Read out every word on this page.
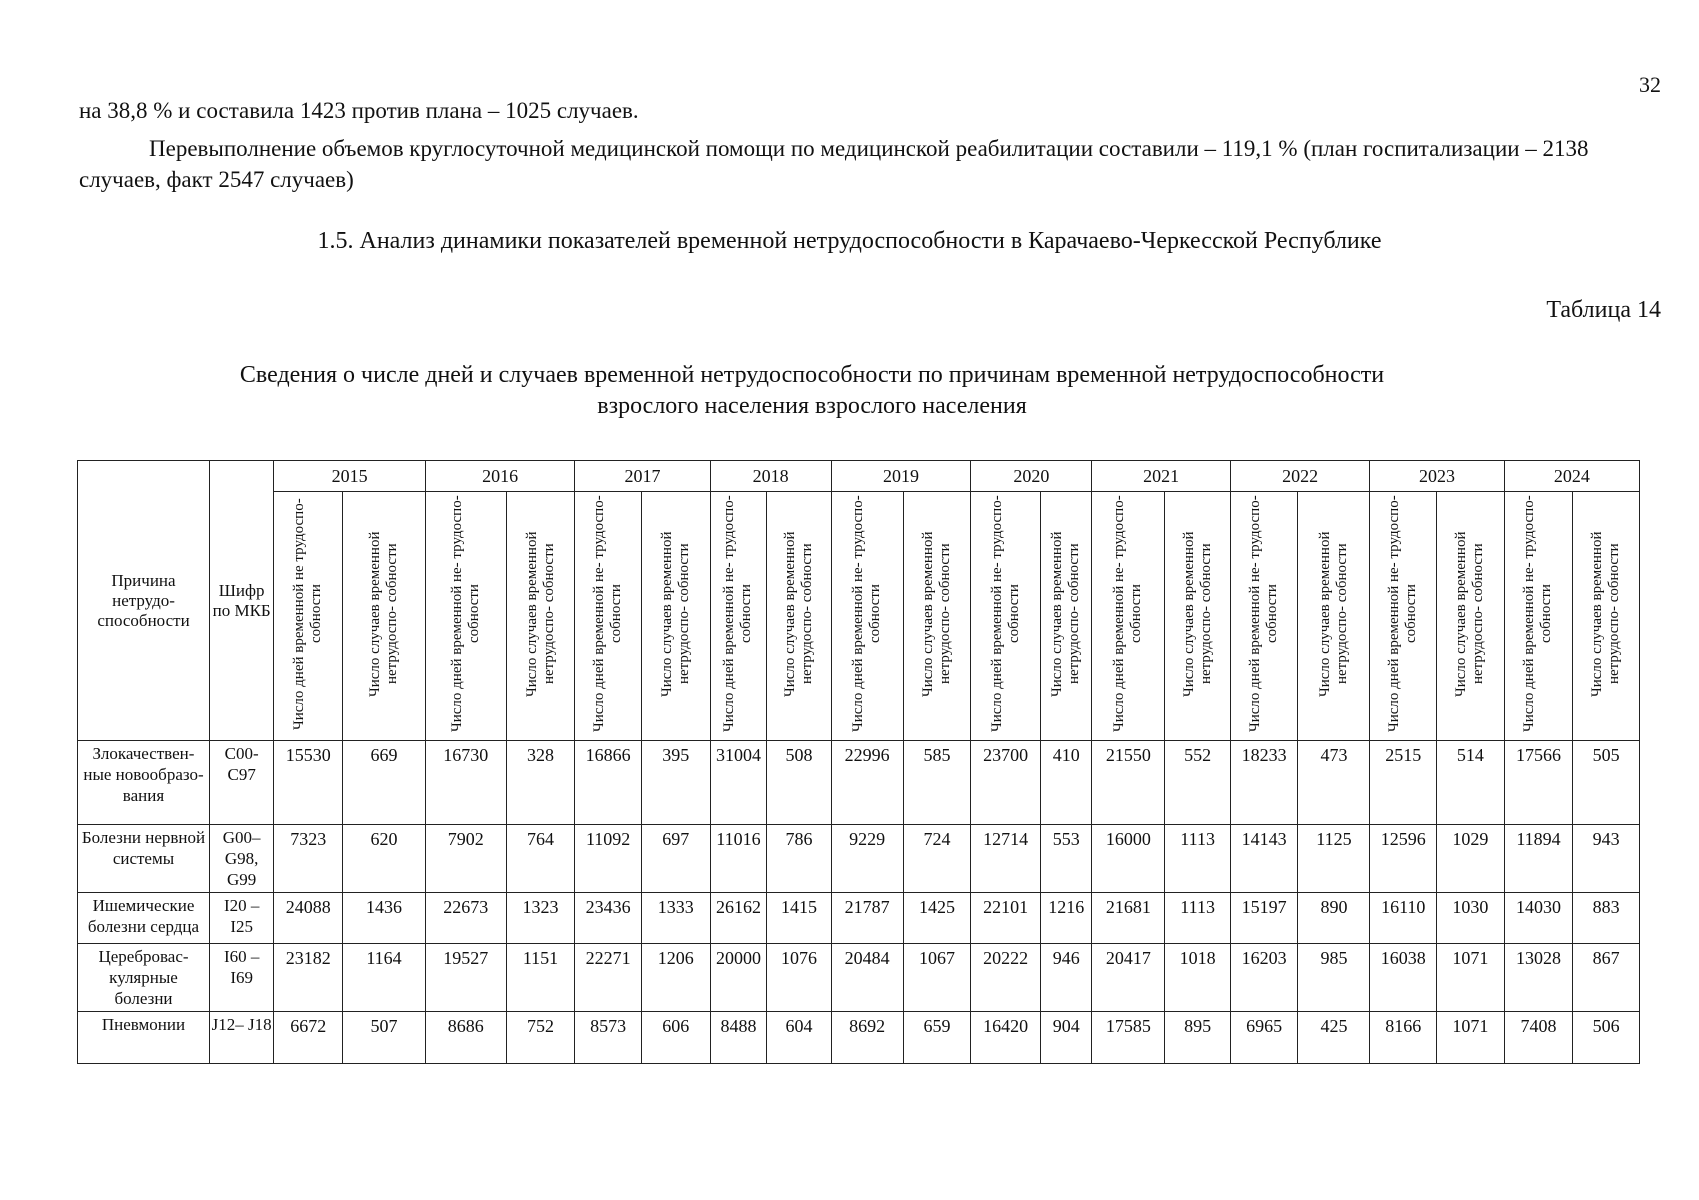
32
на 38,8 % и составила 1423 против плана – 1025 случаев.
Перевыполнение объемов круглосуточной медицинской помощи по медицинской реабилитации составили – 119,1 % (план госпитализации – 2138 случаев, факт 2547 случаев)
1.5. Анализ динамики показателей временной нетрудоспособности в Карачаево-Черкесской Республике
Таблица 14
Сведения о числе дней и случаев временной нетрудоспособности по причинам временной нетрудоспособности
взрослого населения взрослого населения
Причина нетрудо- способности	Шифр по МКБ	2015		2016		2017		2018		2019		2020		2021		2022		2023		2024	
		Число дней временной не трудоспо- собности	Число случаев временной нетрудоспо- собности	Число дней временной не- трудоспо- собности	Число случаев временной нетрудоспо- собности	Число дней временной не- трудоспо- собности	Число случаев временной нетрудоспо- собности	Число дней временной не- трудоспо- собности	Число случаев временной нетрудоспо- собности	Число дней временной не- трудоспо- собности	Число случаев временной нетрудоспо- собности	Число дней временной не- трудоспо- собности	Число случаев временной нетрудоспо- собности	Число дней временной не- трудоспо- собности	Число случаев временной нетрудоспо- собности	Число дней временной не- трудоспо- собности	Число случаев временной нетрудоспо- собности	Число дней временной не- трудоспо- собности	Число случаев временной нетрудоспо- собности	Число дней временной не- трудоспо- собности	Число случаев временной нетрудоспо- собности
Злокачествен- ные новообразо- вания	С00- С97	15530	669	16730	328	16866	395	31004	508	22996	585	23700	410	21550	552	18233	473	2515	514	17566	505
Болезни нервной системы	G00– G98, G99	7323	620	7902	764	11092	697	11016	786	9229	724	12714	553	16000	1113	14143	1125	12596	1029	11894	943
Ишемические болезни сердца	I20 – I25	24088	1436	22673	1323	23436	1333	26162	1415	21787	1425	22101	1216	21681	1113	15197	890	16110	1030	14030	883
Цереброваc- кулярные болезни	I60 – I69	23182	1164	19527	1151	22271	1206	20000	1076	20484	1067	20222	946	20417	1018	16203	985	16038	1071	13028	867
Пневмонии	J12– J18	6672	507	8686	752	8573	606	8488	604	8692	659	16420	904	17585	895	6965	425	8166	1071	7408	506
